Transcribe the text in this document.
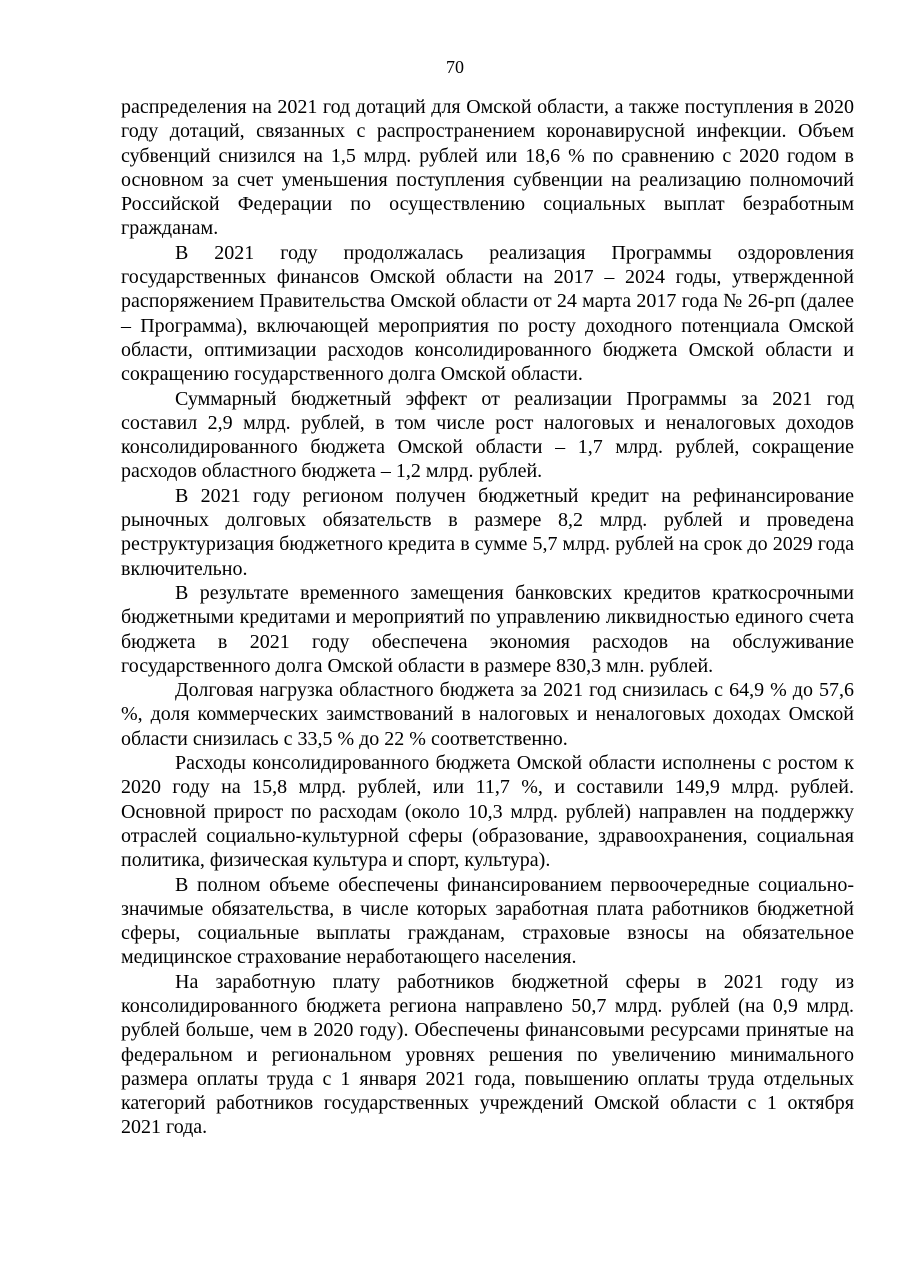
70

распределения на 2021 год дотаций для Омской области, а также поступления в 2020 году дотаций, связанных с распространением коронавирусной инфекции. Объем субвенций снизился на 1,5 млрд. рублей или 18,6 % по сравнению с 2020 годом в основном за счет уменьшения поступления субвенции на реализацию полномочий Российской Федерации по осуществлению социальных выплат безработным гражданам.

В 2021 году продолжалась реализация Программы оздоровления государственных финансов Омской области на 2017 – 2024 годы, утвержденной распоряжением Правительства Омской области от 24 марта 2017 года № 26-рп (далее – Программа), включающей мероприятия по росту доходного потенциала Омской области, оптимизации расходов консолидированного бюджета Омской области и сокращению государственного долга Омской области.

Суммарный бюджетный эффект от реализации Программы за 2021 год составил 2,9 млрд. рублей, в том числе рост налоговых и неналоговых доходов консолидированного бюджета Омской области – 1,7 млрд. рублей, сокращение расходов областного бюджета – 1,2 млрд. рублей.

В 2021 году регионом получен бюджетный кредит на рефинансирование рыночных долговых обязательств в размере 8,2 млрд. рублей и проведена реструктуризация бюджетного кредита в сумме 5,7 млрд. рублей на срок до 2029 года включительно.

В результате временного замещения банковских кредитов краткосрочными бюджетными кредитами и мероприятий по управлению ликвидностью единого счета бюджета в 2021 году обеспечена экономия расходов на обслуживание государственного долга Омской области в размере 830,3 млн. рублей.

Долговая нагрузка областного бюджета за 2021 год снизилась с 64,9 % до 57,6 %, доля коммерческих заимствований в налоговых и неналоговых доходах Омской области снизилась с 33,5 % до 22 % соответственно.

Расходы консолидированного бюджета Омской области исполнены с ростом к 2020 году на 15,8 млрд. рублей, или 11,7 %, и составили 149,9 млрд. рублей. Основной прирост по расходам (около 10,3 млрд. рублей) направлен на поддержку отраслей социально-культурной сферы (образование, здравоохранения, социальная политика, физическая культура и спорт, культура).

В полном объеме обеспечены финансированием первоочередные социально-значимые обязательства, в числе которых заработная плата работников бюджетной сферы, социальные выплаты гражданам, страховые взносы на обязательное медицинское страхование неработающего населения.

На заработную плату работников бюджетной сферы в 2021 году из консолидированного бюджета региона направлено 50,7 млрд. рублей (на 0,9 млрд. рублей больше, чем в 2020 году). Обеспечены финансовыми ресурсами принятые на федеральном и региональном уровнях решения по увеличению минимального размера оплаты труда с 1 января 2021 года, повышению оплаты труда отдельных категорий работников государственных учреждений Омской области с 1 октября 2021 года.
